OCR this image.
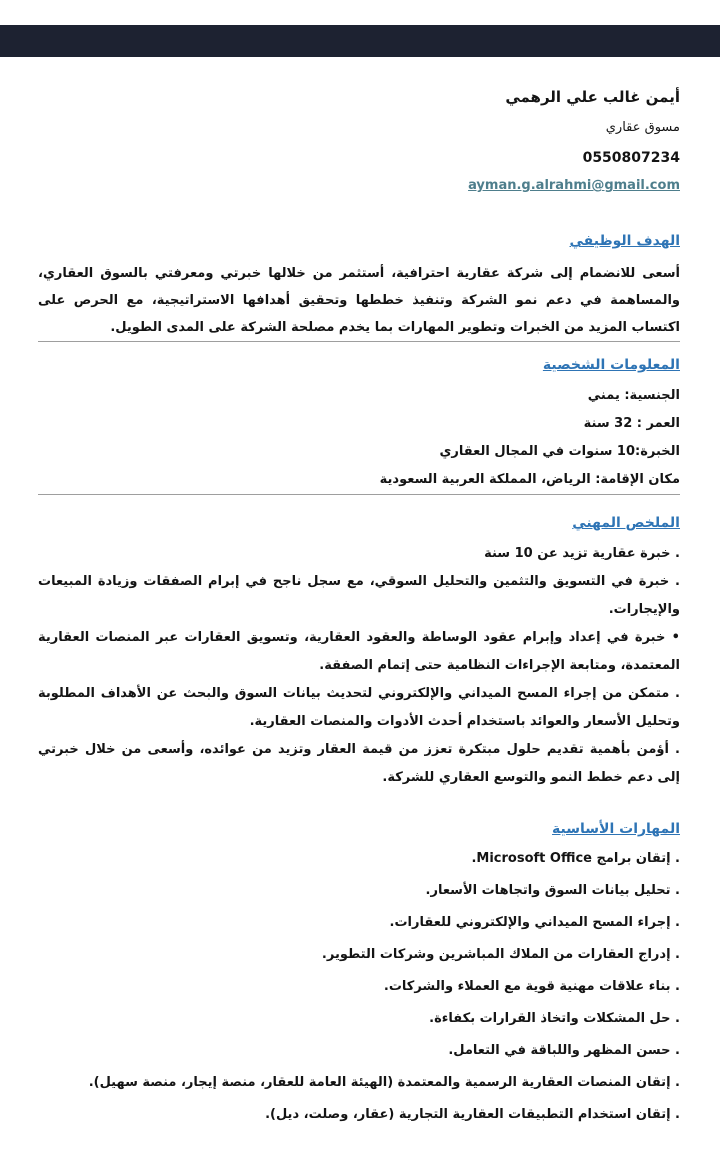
أيمن غالب علي الرهمي
مسوق عقاري
0550807234
ayman.g.alrahmi@gmail.com
الهدف الوظيفي
أسعى للانضمام إلى شركة عقارية احترافية، أستثمر من خلالها خبرتي ومعرفتي بالسوق العقاري، والمساهمة في دعم نمو الشركة وتنفيذ خططها وتحقيق أهدافها الاستراتيجية، مع الحرص على اكتساب المزيد من الخبرات وتطوير المهارات بما يخدم مصلحة الشركة على المدى الطويل.
المعلومات الشخصية
الجنسية: يمني
العمر : 32 سنة
الخبرة:10 سنوات في المجال العقاري
مكان الإقامة: الرياض، المملكة العربية السعودية
الملخص المهني
. خبرة عقارية تزيد عن 10 سنة
. خبرة في التسويق والتثمين والتحليل السوقي، مع سجل ناجح في إبرام الصفقات وزيادة المبيعات والإيجارات.
• خبرة في إعداد وإبرام عقود الوساطة والعقود العقارية، وتسويق العقارات عبر المنصات العقارية المعتمدة، ومتابعة الإجراءات النظامية حتى إتمام الصفقة.
. متمكن من إجراء المسح الميداني والإلكتروني لتحديث بيانات السوق والبحث عن الأهداف المطلوبة وتحليل الأسعار والعوائد باستخدام أحدث الأدوات والمنصات العقارية.
. أؤمن بأهمية تقديم حلول مبتكرة تعزز من قيمة العقار وتزيد من عوائده، وأسعى من خلال خبرتي إلى دعم خطط النمو والتوسع العقاري للشركة.
المهارات الأساسية
. إتقان برامج Microsoft Office.
. تحليل بيانات السوق واتجاهات الأسعار.
. إجراء المسح الميداني والإلكتروني للعقارات.
. إدراج العقارات من الملاك المباشرين وشركات التطوير.
. بناء علاقات مهنية قوية مع العملاء والشركات.
. حل المشكلات واتخاذ القرارات بكفاءة.
. حسن المظهر واللباقة في التعامل.
. إتقان المنصات العقارية الرسمية والمعتمدة (الهيئة العامة للعقار، منصة إيجار، منصة سهيل).
. إتقان استخدام التطبيقات العقارية التجارية (عقار، وصلت، ديل).
